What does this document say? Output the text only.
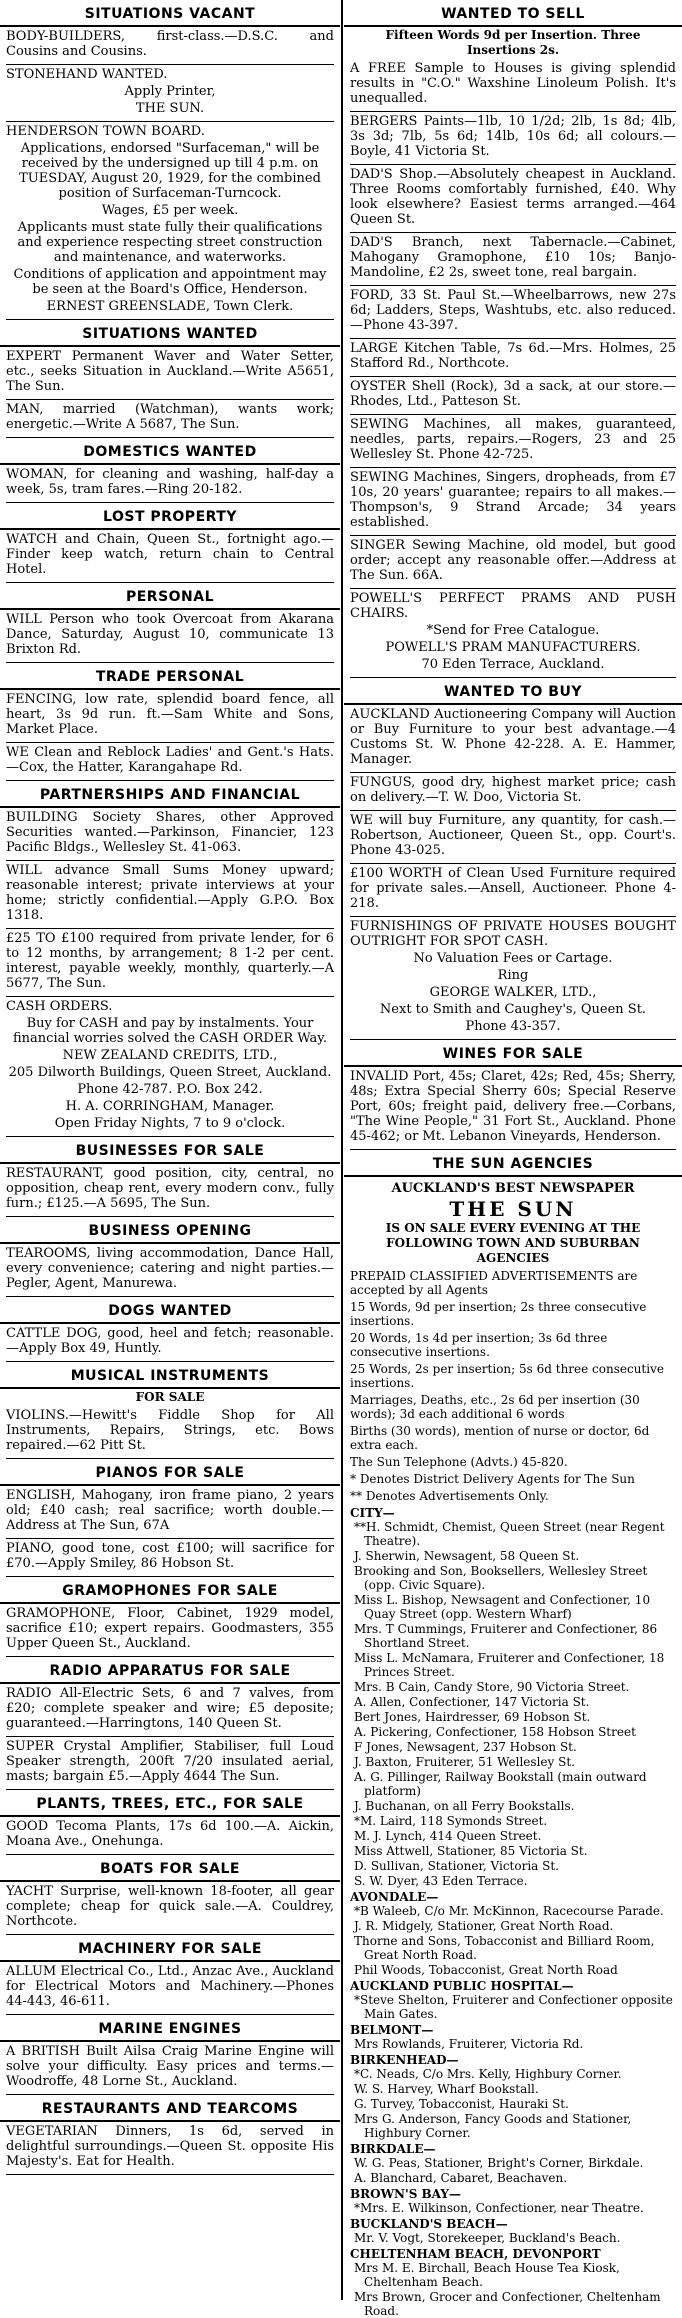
SITUATIONS VACANT

BODY-BUILDERS, first-class.—D.S.C. and Cousins and Cousins.

STONEHAND WANTED.

Apply Printer,

THE SUN.

HENDERSON TOWN BOARD.

Applications, endorsed "Surfaceman," will be received by the undersigned up till 4 p.m. on TUESDAY, August 20, 1929, for the combined position of Surfaceman-Turncock.

Wages, £5 per week.

Applicants must state fully their qualifications and experience respecting street construction and maintenance, and waterworks.

Conditions of application and appointment may be seen at the Board's Office, Henderson.

ERNEST GREENSLADE, Town Clerk.

SITUATIONS WANTED

EXPERT Permanent Waver and Water Setter, etc., seeks Situation in Auckland.—Write A5651, The Sun.

MAN, married (Watchman), wants work; energetic.—Write A 5687, The Sun.

DOMESTICS WANTED

WOMAN, for cleaning and washing, half-day a week, 5s, tram fares.—Ring 20-182.

LOST PROPERTY

WATCH and Chain, Queen St., fortnight ago.—Finder keep watch, return chain to Central Hotel.

PERSONAL

WILL Person who took Overcoat from Akarana Dance, Saturday, August 10, communicate 13 Brixton Rd.

TRADE PERSONAL

FENCING, low rate, splendid board fence, all heart, 3s 9d run. ft.—Sam White and Sons, Market Place.

WE Clean and Reblock Ladies' and Gent.'s Hats.—Cox, the Hatter, Karangahape Rd.

PARTNERSHIPS AND FINANCIAL

BUILDING Society Shares, other Approved Securities wanted.—Parkinson, Financier, 123 Pacific Bldgs., Wellesley St. 41-063.

WILL advance Small Sums Money upward; reasonable interest; private interviews at your home; strictly confidential.—Apply G.P.O. Box 1318.

£25 TO £100 required from private lender, for 6 to 12 months, by arrangement; 8 1-2 per cent. interest, payable weekly, monthly, quarterly.—A 5677, The Sun.

CASH ORDERS.

Buy for CASH and pay by instalments. Your financial worries solved the CASH ORDER Way.

NEW ZEALAND CREDITS, LTD.,

205 Dilworth Buildings, Queen Street, Auckland.

Phone 42-787. P.O. Box 242.

H. A. CORRINGHAM, Manager.

Open Friday Nights, 7 to 9 o'clock.

BUSINESSES FOR SALE

RESTAURANT, good position, city, central, no opposition, cheap rent, every modern conv., fully furn.; £125.—A 5695, The Sun.

BUSINESS OPENING

TEAROOMS, living accommodation, Dance Hall, every convenience; catering and night parties.—Pegler, Agent, Manurewa.

DOGS WANTED

CATTLE DOG, good, heel and fetch; reasonable.—Apply Box 49, Huntly.

MUSICAL INSTRUMENTS
FOR SALE

VIOLINS.—Hewitt's Fiddle Shop for All Instruments, Repairs, Strings, etc. Bows repaired.—62 Pitt St.

PIANOS FOR SALE

ENGLISH, Mahogany, iron frame piano, 2 years old; £40 cash; real sacrifice; worth double.—Address at The Sun, 67A

PIANO, good tone, cost £100; will sacrifice for £70.—Apply Smiley, 86 Hobson St.

GRAMOPHONES FOR SALE

GRAMOPHONE, Floor, Cabinet, 1929 model, sacrifice £10; expert repairs. Goodmasters, 355 Upper Queen St., Auckland.

RADIO APPARATUS FOR SALE

RADIO All-Electric Sets, 6 and 7 valves, from £20; complete speaker and wire; £5 deposite; guaranteed.—Harringtons, 140 Queen St.

SUPER Crystal Amplifier, Stabiliser, full Loud Speaker strength, 200ft 7/20 insulated aerial, masts; bargain £5.—Apply 4644 The Sun.

PLANTS, TREES, ETC., FOR SALE

GOOD Tecoma Plants, 17s 6d 100.—A. Aickin, Moana Ave., Onehunga.

BOATS FOR SALE

YACHT Surprise, well-known 18-footer, all gear complete; cheap for quick sale.—A. Couldrey, Northcote.

MACHINERY FOR SALE

ALLUM Electrical Co., Ltd., Anzac Ave., Auckland for Electrical Motors and Machinery.—Phones 44-443, 46-611.

MARINE ENGINES

A BRITISH Built Ailsa Craig Marine Engine will solve your difficulty. Easy prices and terms.—Woodroffe, 48 Lorne St., Auckland.

RESTAURANTS AND TEARCOMS

VEGETARIAN Dinners, 1s 6d, served in delightful surroundings.—Queen St. opposite His Majesty's. Eat for Health.

WANTED TO SELL
Fifteen Words 9d per Insertion. Three Insertions 2s.

A FREE Sample to Houses is giving splendid results in "C.O." Waxshine Linoleum Polish. It's unequalled.

BERGERS Paints—1lb, 10 1/2d; 2lb, 1s 8d; 4lb, 3s 3d; 7lb, 5s 6d; 14lb, 10s 6d; all colours.—Boyle, 41 Victoria St.

DAD'S Shop.—Absolutely cheapest in Auckland. Three Rooms comfortably furnished, £40. Why look elsewhere? Easiest terms arranged.—464 Queen St.

DAD'S Branch, next Tabernacle.—Cabinet, Mahogany Gramophone, £10 10s; Banjo-Mandoline, £2 2s, sweet tone, real bargain.

FORD, 33 St. Paul St.—Wheelbarrows, new 27s 6d; Ladders, Steps, Washtubs, etc. also reduced.—Phone 43-397.

LARGE Kitchen Table, 7s 6d.—Mrs. Holmes, 25 Stafford Rd., Northcote.

OYSTER Shell (Rock), 3d a sack, at our store.—Rhodes, Ltd., Patteson St.

SEWING Machines, all makes, guaranteed, needles, parts, repairs.—Rogers, 23 and 25 Wellesley St. Phone 42-725.

SEWING Machines, Singers, dropheads, from £7 10s, 20 years' guarantee; repairs to all makes.—Thompson's, 9 Strand Arcade; 34 years established.

SINGER Sewing Machine, old model, but good order; accept any reasonable offer.—Address at The Sun. 66A.

POWELL'S PERFECT PRAMS AND PUSH CHAIRS.

*Send for Free Catalogue.

POWELL'S PRAM MANUFACTURERS.

70 Eden Terrace, Auckland.

WANTED TO BUY

AUCKLAND Auctioneering Company will Auction or Buy Furniture to your best advantage.—4 Customs St. W. Phone 42-228. A. E. Hammer, Manager.

FUNGUS, good dry, highest market price; cash on delivery.—T. W. Doo, Victoria St.

WE will buy Furniture, any quantity, for cash.—Robertson, Auctioneer, Queen St., opp. Court's. Phone 43-025.

£100 WORTH of Clean Used Furniture required for private sales.—Ansell, Auctioneer. Phone 4-218.

FURNISHINGS OF PRIVATE HOUSES BOUGHT OUTRIGHT FOR SPOT CASH.

No Valuation Fees or Cartage.

Ring

GEORGE WALKER, LTD.,

Next to Smith and Caughey's, Queen St.

Phone 43-357.

WINES FOR SALE

INVALID Port, 45s; Claret, 42s; Red, 45s; Sherry, 48s; Extra Special Sherry 60s; Special Reserve Port, 60s; freight paid, delivery free.—Corbans, "The Wine People," 31 Fort St., Auckland. Phone 45-462; or Mt. Lebanon Vineyards, Henderson.

THE SUN AGENCIES
AUCKLAND'S BEST NEWSPAPER
THE SUN
IS ON SALE EVERY EVENING AT THE FOLLOWING TOWN AND SUBURBAN AGENCIES
PREPAID CLASSIFIED ADVERTISEMENTS are accepted by all Agents
15 Words, 9d per insertion; 2s three consecutive insertions.
20 Words, 1s 4d per insertion; 3s 6d three consecutive insertions.
25 Words, 2s per insertion; 5s 6d three consecutive insertions.
Marriages, Deaths, etc., 2s 6d per insertion (30 words); 3d each additional 6 words
Births (30 words), mention of nurse or doctor, 6d extra each.
The Sun Telephone (Advts.) 45-820.
* Denotes District Delivery Agents for The Sun
** Denotes Advertisements Only.
CITY—
**H. Schmidt, Chemist, Queen Street (near Regent Theatre).
J. Sherwin, Newsagent, 58 Queen St.
Brooking and Son, Booksellers, Wellesley Street (opp. Civic Square).
Miss L. Bishop, Newsagent and Confectioner, 10 Quay Street (opp. Western Wharf)
Mrs. T Cummings, Fruiterer and Confectioner, 86 Shortland Street.
Miss L. McNamara, Fruiterer and Confectioner, 18 Princes Street.
Mrs. B Cain, Candy Store, 90 Victoria Street.
A. Allen, Confectioner, 147 Victoria St.
Bert Jones, Hairdresser, 69 Hobson St.
A. Pickering, Confectioner, 158 Hobson Street
F Jones, Newsagent, 237 Hobson St.
J. Baxton, Fruiterer, 51 Wellesley St.
A. G. Pillinger, Railway Bookstall (main outward platform)
J. Buchanan, on all Ferry Bookstalls.
*M. Laird, 118 Symonds Street.
M. J. Lynch, 414 Queen Street.
Miss Attwell, Stationer, 85 Victoria St.
D. Sullivan, Stationer, Victoria St.
S. W. Dyer, 43 Eden Terrace.
AVONDALE—
*B Waleeb, C/o Mr. McKinnon, Racecourse Parade.
J. R. Midgely, Stationer, Great North Road.
Thorne and Sons, Tobacconist and Billiard Room, Great North Road.
Phil Woods, Tobacconist, Great North Road
AUCKLAND PUBLIC HOSPITAL—
*Steve Shelton, Fruiterer and Confectioner opposite Main Gates.
BELMONT—
Mrs Rowlands, Fruiterer, Victoria Rd.
BIRKENHEAD—
*C. Neads, C/o Mrs. Kelly, Highbury Corner.
W. S. Harvey, Wharf Bookstall.
G. Turvey, Tobacconist, Hauraki St.
Mrs G. Anderson, Fancy Goods and Stationer, Highbury Corner.
BIRKDALE—
W. G. Peas, Stationer, Bright's Corner, Birkdale.
A. Blanchard, Cabaret, Beachaven.
BROWN'S BAY—
*Mrs. E. Wilkinson, Confectioner, near Theatre.
BUCKLAND'S BEACH—
Mr. V. Vogt, Storekeeper, Buckland's Beach.
CHELTENHAM BEACH, DEVONPORT
Mrs M. E. Birchall, Beach House Tea Kiosk, Cheltenham Beach.
Mrs Brown, Grocer and Confectioner, Cheltenham Road.
